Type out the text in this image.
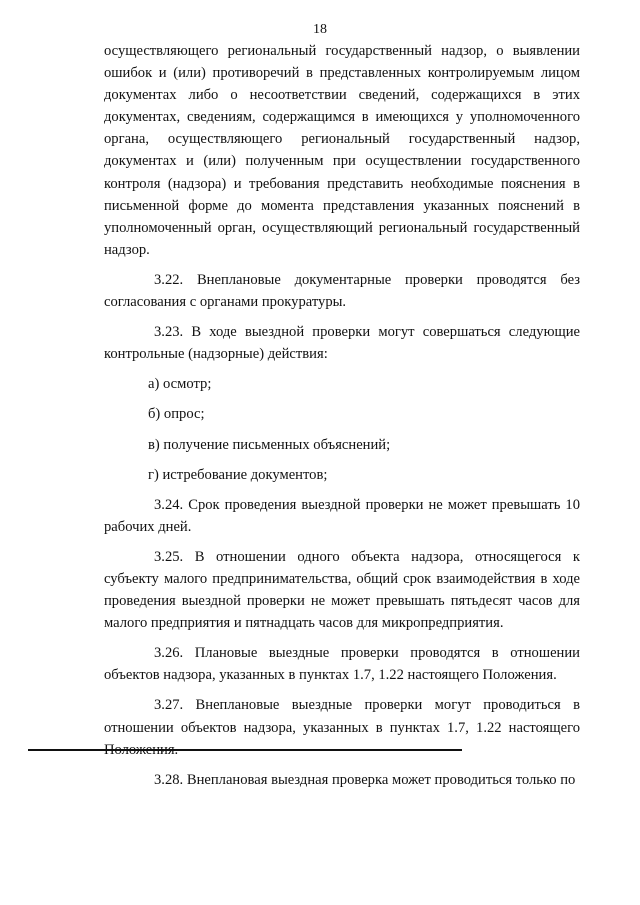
18

осуществляющего региональный государственный надзор, о выявлении ошибок и (или) противоречий в представленных контролируемым лицом документах либо о несоответствии сведений, содержащихся в этих документах, сведениям, содержащимся в имеющихся у уполномоченного органа, осуществляющего региональный государственный надзор, документах и (или) полученным при осуществлении государственного контроля (надзора) и требования представить необходимые пояснения в письменной форме до момента представления указанных пояснений в уполномоченный орган, осуществляющий региональный государственный надзор.

3.22. Внеплановые документарные проверки проводятся без согласования с органами прокуратуры.

3.23. В ходе выездной проверки могут совершаться следующие контрольные (надзорные) действия:

а) осмотр;

б) опрос;

в) получение письменных объяснений;

г) истребование документов;

3.24. Срок проведения выездной проверки не может превышать 10 рабочих дней.

3.25. В отношении одного объекта надзора, относящегося к субъекту малого предпринимательства, общий срок взаимодействия в ходе проведения выездной проверки не может превышать пятьдесят часов для малого предприятия и пятнадцать часов для микропредприятия.

3.26. Плановые выездные проверки проводятся в отношении объектов надзора, указанных в пунктах 1.7, 1.22 настоящего Положения.

3.27. Внеплановые выездные проверки могут проводиться в отношении объектов надзора, указанных в пунктах 1.7, 1.22 настоящего Положения.

3.28. Внеплановая выездная проверка может проводиться только по
